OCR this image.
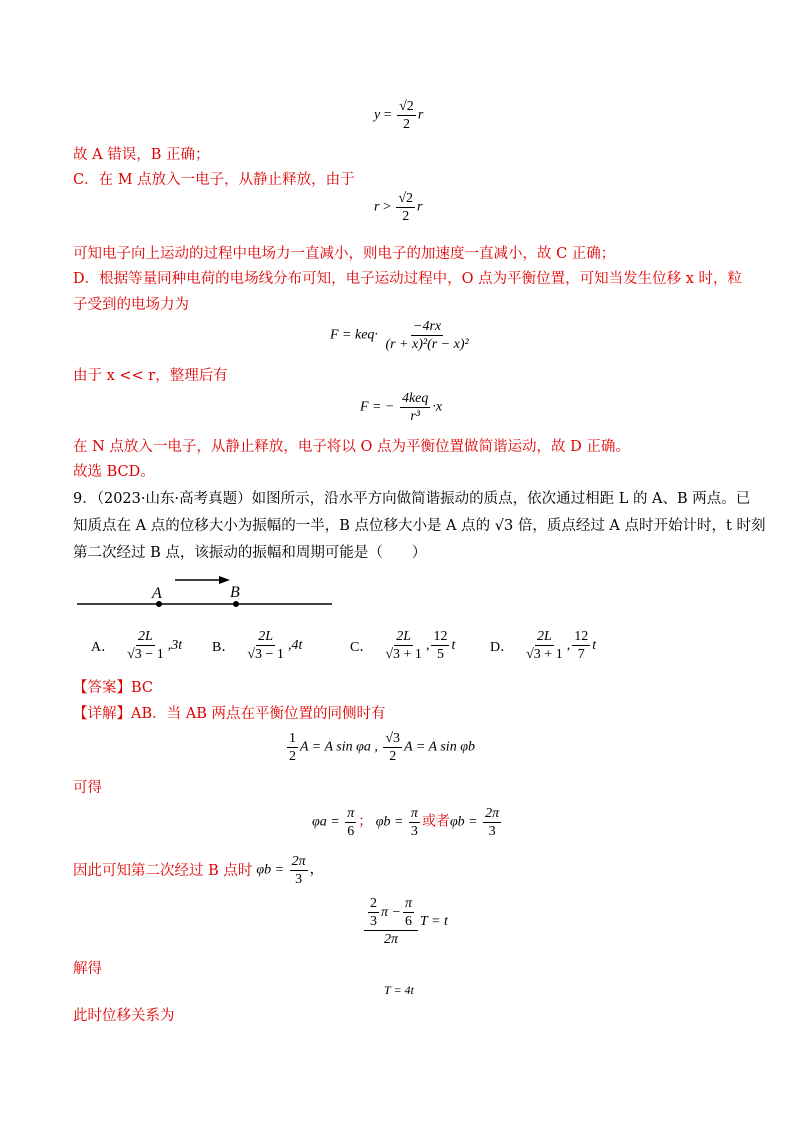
$y = \frac{√2}{2}$ r
故 A 错误，B 正确；
C．在 M 点放入一电子，从静止释放，由于
$r > \frac{√2}{2}$ r
可知电子向上运动的过程中电场力一直减小，则电子的加速度一直减小，故 C 正确；
D．根据等量同种电荷的电场线分布可知，电子运动过程中，O 点为平衡位置，可知当发生位移 x 时，粒
子受到的电场力为
$F = keq\cdot \frac{-4rx}{\text{(r + x)²(r − x)²}}$
由于 x << r，整理后有
F = − $\frac{\text{4keq}}{\text{r³}} \cdot x$
在 N 点放入一电子，从静止释放，电子将以 O 点为平衡位置做简谐运动，故 D 正确。
故选 BCD。
9．（2023·山东·高考真题）如图所示，沿水平方向做简谐振动的质点，依次通过相距 L 的 A、B 两点。已
知质点在 A 点的位移大小为振幅的一半，B 点位移大小是 A 点的 √3 倍，质点经过 A 点时开始计时，t 时刻
第二次经过 B 点，该振动的振幅和周期可能是（　　）
A	B
A． $\frac{2L}{√3 - 1} ,3t$ B． $\frac{2L}{√3 - 1} ,4t$	C． $\frac{2L}{√3 + 1}$ , $\frac{12}{5}$ t D． $\frac{2L}{√3 + 1}$ , $\frac{12}{7}$ t
【答案】BC
【详解】AB．当 AB 两点在平衡位置的同侧时有
$\frac{1}{2}$ A = A sin φa , $\frac{√3}{2}$ A = A sin φb
可得
$\varphi a = \frac{\pi}{6}$ ； $\varphi b = \frac{\pi}{3}$ 或者$\varphi b = \frac{2\pi}{3}$
因此可知第二次经过 B 点时 $\varphi b = \frac{2\pi}{3}$ ，
$\frac{\frac{2}{3} \pi - \frac{\pi}{6}}{2\pi}$ T = t
解得
T = 4t
此时位移关系为
